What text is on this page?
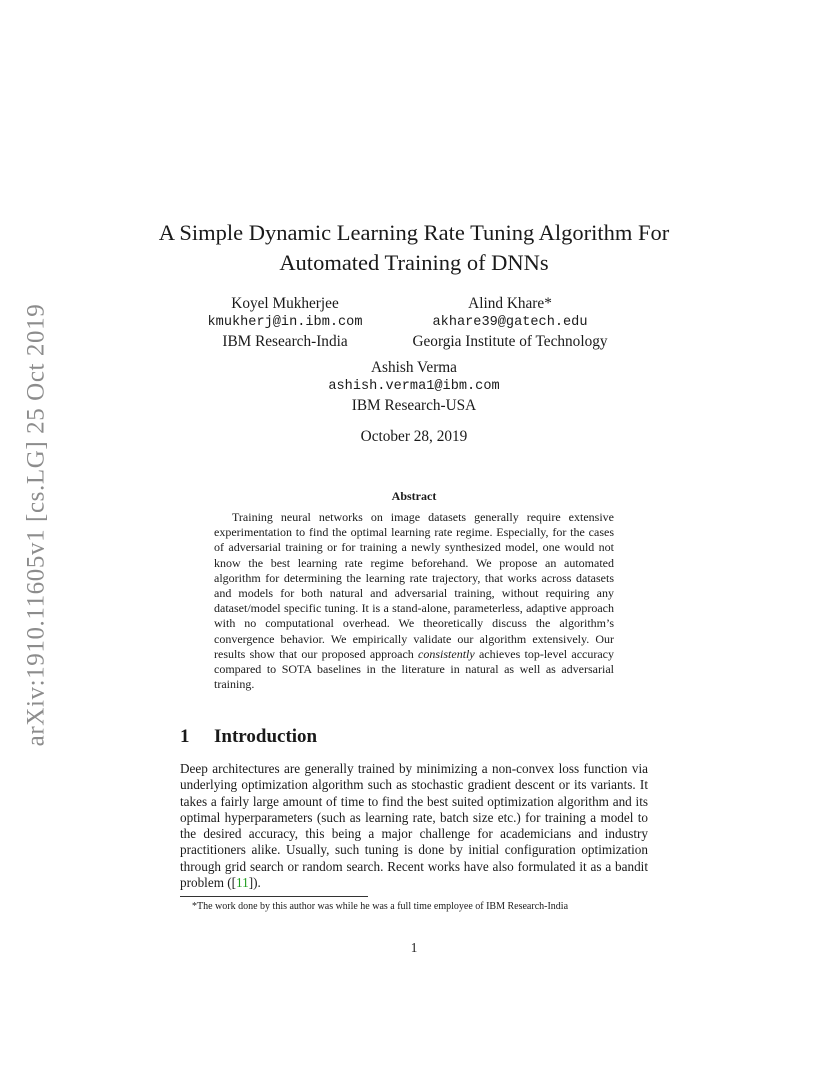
arXiv:1910.11605v1 [cs.LG] 25 Oct 2019
A Simple Dynamic Learning Rate Tuning Algorithm For Automated Training of DNNs
Koyel Mukherjee
kmukherj@in.ibm.com
IBM Research-India
Alind Khare*
akhare39@gatech.edu
Georgia Institute of Technology
Ashish Verma
ashish.verma1@ibm.com
IBM Research-USA
October 28, 2019
Abstract

Training neural networks on image datasets generally require extensive experimentation to find the optimal learning rate regime. Especially, for the cases of adversarial training or for training a newly synthesized model, one would not know the best learning rate regime beforehand. We propose an automated algorithm for determining the learning rate trajectory, that works across datasets and models for both natural and adversarial training, without requiring any dataset/model specific tuning. It is a stand-alone, parameterless, adaptive approach with no computational overhead. We theoretically discuss the algorithm’s convergence behavior. We empirically validate our algorithm extensively. Our results show that our proposed approach consistently achieves top-level accuracy compared to SOTA baselines in the literature in natural as well as adversarial training.

1 Introduction

Deep architectures are generally trained by minimizing a non-convex loss function via underlying optimization algorithm such as stochastic gradient descent or its variants. It takes a fairly large amount of time to find the best suited optimization algorithm and its optimal hyperparameters (such as learning rate, batch size etc.) for training a model to the desired accuracy, this being a major challenge for academicians and industry practitioners alike. Usually, such tuning is done by initial configuration optimization through grid search or random search. Recent works have also formulated it as a bandit problem ([11]).

*The work done by this author was while he was a full time employee of IBM Research-India

1
